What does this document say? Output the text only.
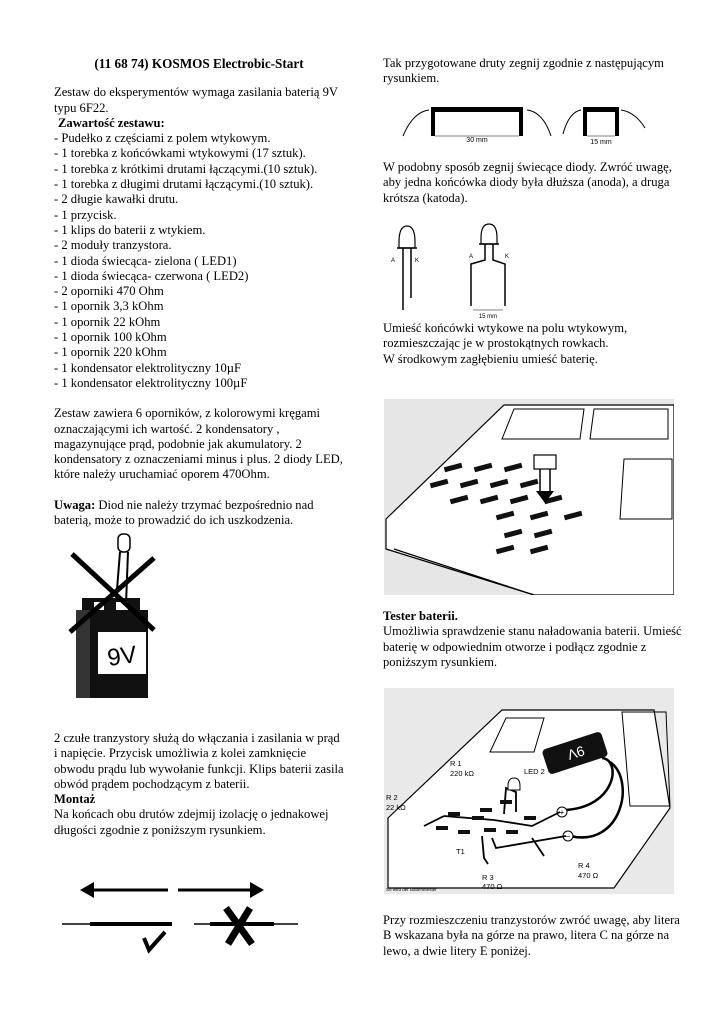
(11 68 74) KOSMOS Electrobic-Start

Zestaw do eksperymentów wymaga zasilania baterią 9V typu 6F22.

Zawartość zestawu:

- Pudełko z częściami z polem wtykowym.
- 1 torebka z końcówkami wtykowymi (17 sztuk).
- 1 torebka z krótkimi drutami łączącymi.(10 sztuk).
- 1 torebka z długimi drutami łączącymi.(10 sztuk).
- 2 długie kawałki drutu.
- 1 przycisk.
- 1 klips do baterii z wtykiem.
- 2 moduły tranzystora.
- 1 dioda świecąca- zielona ( LED1)
- 1 dioda świecąca- czerwona ( LED2)
- 2 oporniki 470 Ohm
- 1 opornik 3,3 kOhm
- 1 opornik 22 kOhm
- 1 opornik 100 kOhm
- 1 opornik 220 kOhm
- 1 kondensator elektrolityczny 10µF
- 1 kondensator elektrolityczny 100µF

Zestaw zawiera 6 oporników, z kolorowymi kręgami oznaczającymi ich wartość. 2 kondensatory , magazynujące prąd, podobnie jak akumulatory. 2 kondensatory z oznaczeniami minus i plus. 2 diody LED, które należy uruchamiać oporem 470Ohm.

Uwaga: Diod nie należy trzymać bezpośrednio nad baterią, może to prowadzić do ich uszkodzenia.

9V

2 czułe tranzystory służą do włączania i zasilania w prąd i napięcie. Przycisk umożliwia z kolei zamknięcie obwodu prądu lub wywołanie funkcji. Klips baterii zasila obwód prądem pochodzącym z baterii.

Montaż

Na końcach obu drutów zdejmij izolację o jednakowej długości zgodnie z poniższym rysunkiem.

Tak przygotowane druty zegnij zgodnie z następującym rysunkiem.

30 mm	15 mm

W podobny sposób zegnij świecące diody. Zwróć uwagę, aby jedna końcówka diody była dłuższa (anoda), a druga krótsza (katoda).

A	K
A	K
15 mm

Umieść końcówki wtykowe na polu wtykowym, rozmieszczając je w prostokątnych rowkach.

W środkowym zagłębieniu umieść baterię.

Tester baterii.

Umożliwia sprawdzenie stanu naładowania baterii. Umieść baterię w odpowiednim otworze i podłącz zgodnie z poniższym rysunkiem.

9V
+
−
R 1
220 kΩ	LED 2
R 2
22 kΩ
T1
R 3
470 Ω
R 4
470 Ω
So wird der Batterietester

Przy rozmieszczeniu tranzystorów zwróć uwagę, aby litera B wskazana była na górze na prawo, litera C na górze na lewo, a dwie litery E poniżej.
